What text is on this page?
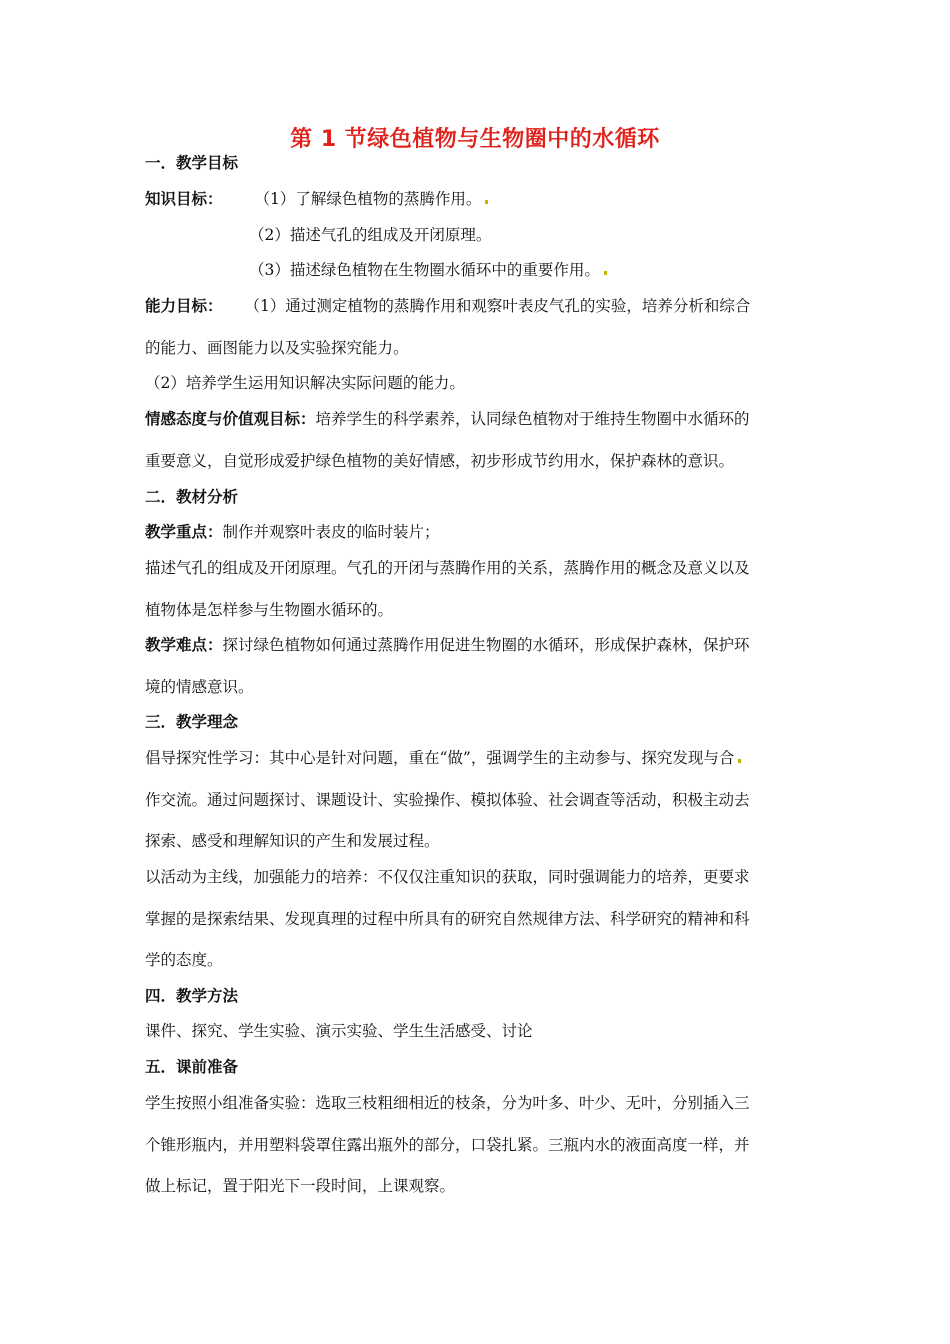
第 1 节绿色植物与生物圈中的水循环
一．教学目标
知识目标： （1）了解绿色植物的蒸腾作用。
（2）描述气孔的组成及开闭原理。
（3）描述绿色植物在生物圈水循环中的重要作用。
能力目标： （1）通过测定植物的蒸腾作用和观察叶表皮气孔的实验，培养分析和综合
的能力、画图能力以及实验探究能力。
（2）培养学生运用知识解决实际问题的能力。
情感态度与价值观目标：培养学生的科学素养，认同绿色植物对于维持生物圈中水循环的
重要意义，自觉形成爱护绿色植物的美好情感，初步形成节约用水，保护森林的意识。
二．教材分析
教学重点：制作并观察叶表皮的临时装片；
描述气孔的组成及开闭原理。气孔的开闭与蒸腾作用的关系，蒸腾作用的概念及意义以及
植物体是怎样参与生物圈水循环的。
教学难点：探讨绿色植物如何通过蒸腾作用促进生物圈的水循环，形成保护森林，保护环
境的情感意识。
三．教学理念
倡导探究性学习：其中心是针对问题，重在“做”，强调学生的主动参与、探究发现与合
作交流。通过问题探讨、课题设计、实验操作、模拟体验、社会调查等活动，积极主动去
探索、感受和理解知识的产生和发展过程。
以活动为主线，加强能力的培养：不仅仅注重知识的获取，同时强调能力的培养，更要求
掌握的是探索结果、发现真理的过程中所具有的研究自然规律方法、科学研究的精神和科
学的态度。
四．教学方法
课件、探究、学生实验、演示实验、学生生活感受、讨论
五．课前准备
学生按照小组准备实验：选取三枝粗细相近的枝条，分为叶多、叶少、无叶，分别插入三
个锥形瓶内，并用塑料袋罩住露出瓶外的部分，口袋扎紧。三瓶内水的液面高度一样，并
做上标记，置于阳光下一段时间，上课观察。
